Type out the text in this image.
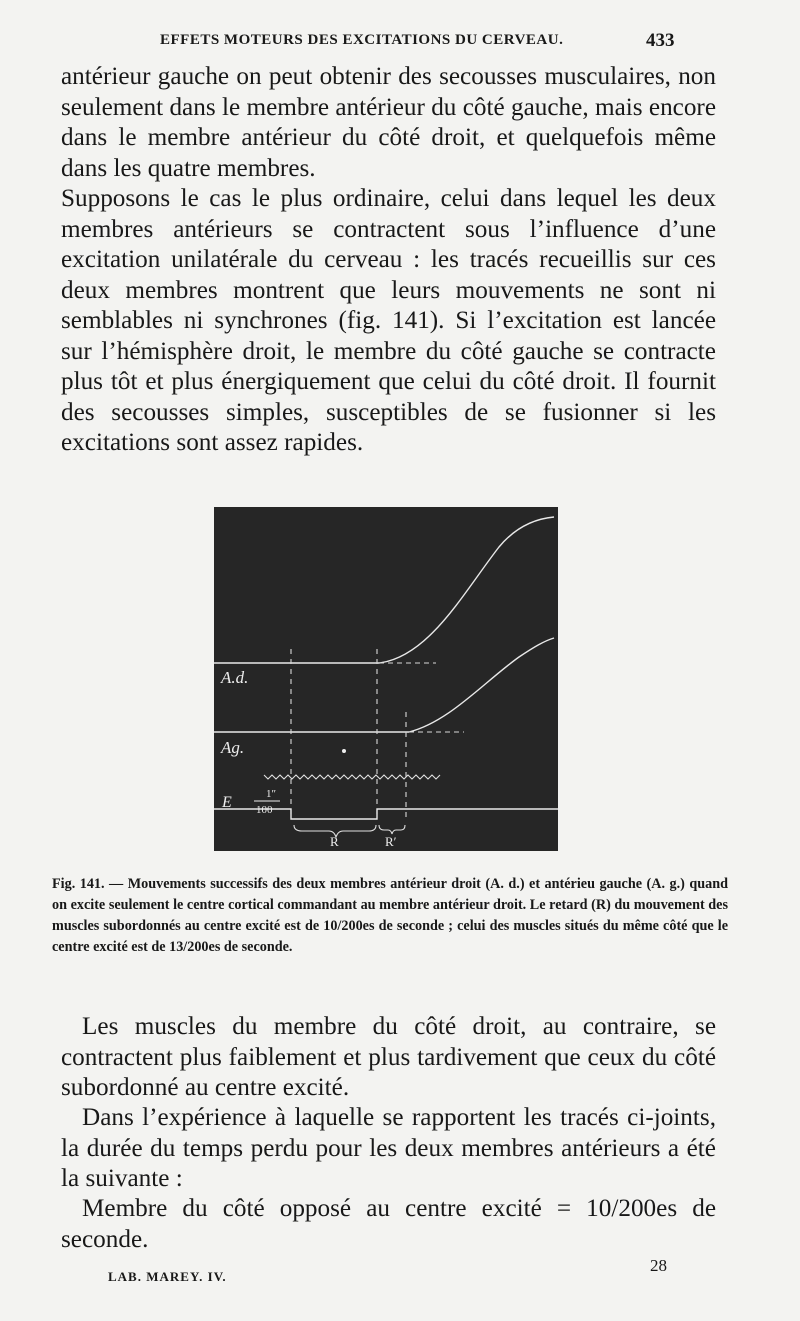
EFFETS MOTEURS DES EXCITATIONS DU CERVEAU.	433

antérieur gauche on peut obtenir des secousses musculaires, non seulement dans le membre antérieur du côté gauche, mais encore dans le membre antérieur du côté droit, et quelquefois même dans les quatre membres.

Supposons le cas le plus ordinaire, celui dans lequel les deux membres antérieurs se contractent sous l’influence d’une excitation unilatérale du cerveau : les tracés recueillis sur ces deux membres montrent que leurs mouvements ne sont ni semblables ni synchrones (fig. 141). Si l’excitation est lancée sur l’hémisphère droit, le membre du côté gauche se contracte plus tôt et plus énergiquement que celui du côté droit. Il fournit des secousses simples, susceptibles de se fusionner si les excitations sont assez rapides.

A.d.
Ag.
E	1″
100
R	R′

Fig. 141. — Mouvements successifs des deux membres antérieur droit (A. d.) et antérieu gauche (A. g.) quand on excite seulement le centre cortical commandant au membre antérieur droit. Le retard (R) du mouvement des muscles subordonnés au centre excité est de 10/200es de seconde ; celui des muscles situés du même côté que le centre excité est de 13/200es de seconde.

Les muscles du membre du côté droit, au contraire, se contractent plus faiblement et plus tardivement que ceux du côté subordonné au centre excité.

Dans l’expérience à laquelle se rapportent les tracés ci-joints, la durée du temps perdu pour les deux membres antérieurs a été la suivante :

Membre du côté opposé au centre excité = 10/200es de seconde.

LAB. MAREY. IV.
28
